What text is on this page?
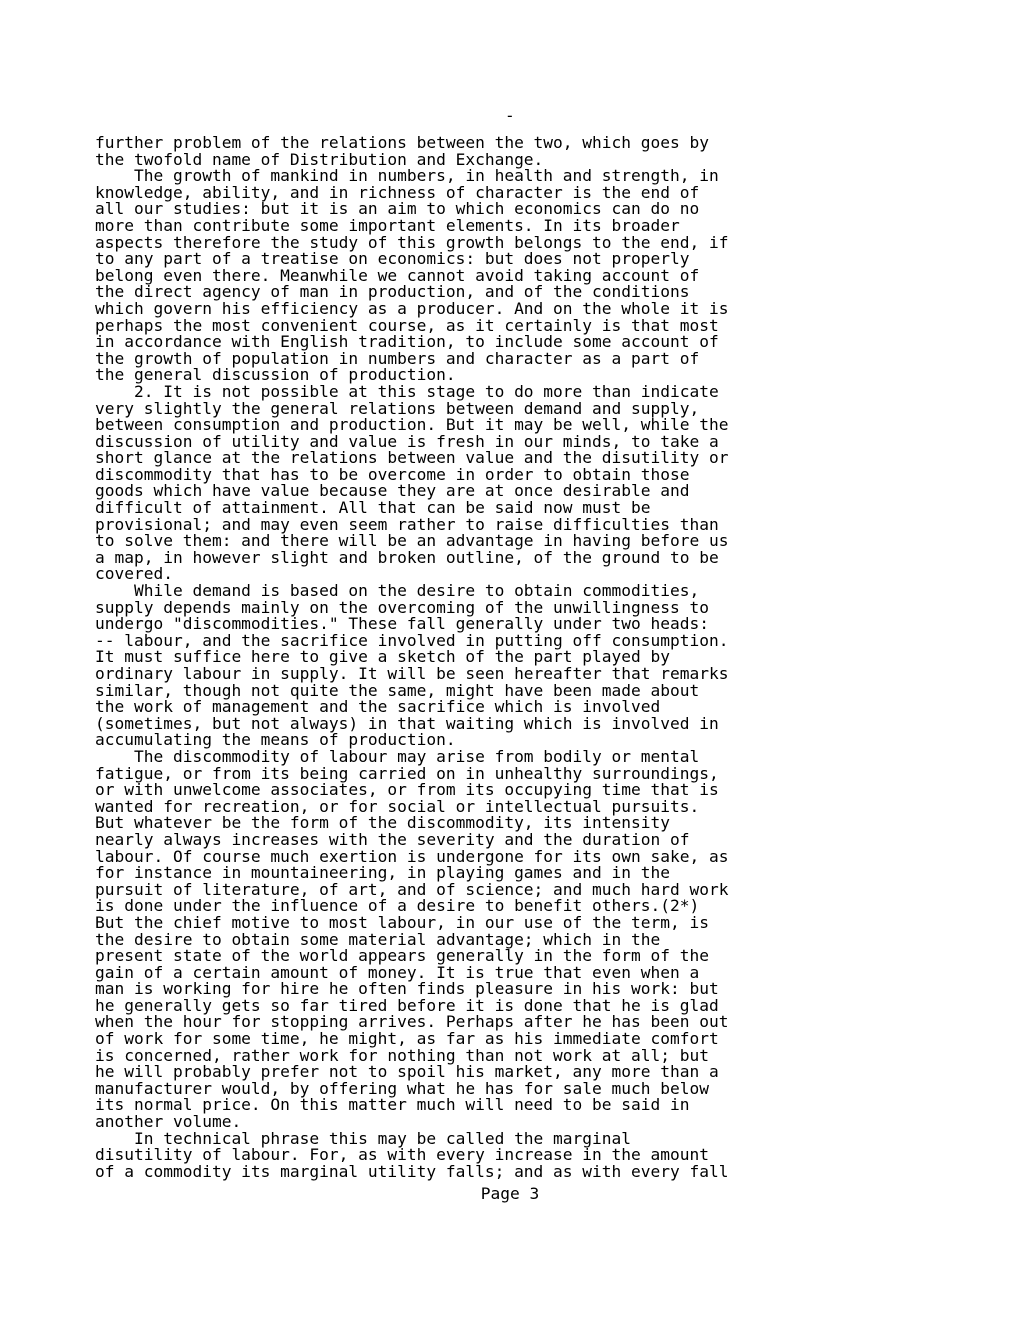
-
further problem of the relations between the two, which goes by
the twofold name of Distribution and Exchange.
The growth of mankind in numbers, in health and strength, in
knowledge, ability, and in richness of character is the end of
all our studies: but it is an aim to which economics can do no
more than contribute some important elements. In its broader
aspects therefore the study of this growth belongs to the end, if
to any part of a treatise on economics: but does not properly
belong even there. Meanwhile we cannot avoid taking account of
the direct agency of man in production, and of the conditions
which govern his efficiency as a producer. And on the whole it is
perhaps the most convenient course, as it certainly is that most
in accordance with English tradition, to include some account of
the growth of population in numbers and character as a part of
the general discussion of production.
2. It is not possible at this stage to do more than indicate
very slightly the general relations between demand and supply,
between consumption and production. But it may be well, while the
discussion of utility and value is fresh in our minds, to take a
short glance at the relations between value and the disutility or
discommodity that has to be overcome in order to obtain those
goods which have value because they are at once desirable and
difficult of attainment. All that can be said now must be
provisional; and may even seem rather to raise difficulties than
to solve them: and there will be an advantage in having before us
a map, in however slight and broken outline, of the ground to be
covered.
While demand is based on the desire to obtain commodities,
supply depends mainly on the overcoming of the unwillingness to
undergo "discommodities." These fall generally under two heads:
-- labour, and the sacrifice involved in putting off consumption.
It must suffice here to give a sketch of the part played by
ordinary labour in supply. It will be seen hereafter that remarks
similar, though not quite the same, might have been made about
the work of management and the sacrifice which is involved
(sometimes, but not always) in that waiting which is involved in
accumulating the means of production.
The discommodity of labour may arise from bodily or mental
fatigue, or from its being carried on in unhealthy surroundings,
or with unwelcome associates, or from its occupying time that is
wanted for recreation, or for social or intellectual pursuits.
But whatever be the form of the discommodity, its intensity
nearly always increases with the severity and the duration of
labour. Of course much exertion is undergone for its own sake, as
for instance in mountaineering, in playing games and in the
pursuit of literature, of art, and of science; and much hard work
is done under the influence of a desire to benefit others.(2*)
But the chief motive to most labour, in our use of the term, is
the desire to obtain some material advantage; which in the
present state of the world appears generally in the form of the
gain of a certain amount of money. It is true that even when a
man is working for hire he often finds pleasure in his work: but
he generally gets so far tired before it is done that he is glad
when the hour for stopping arrives. Perhaps after he has been out
of work for some time, he might, as far as his immediate comfort
is concerned, rather work for nothing than not work at all; but
he will probably prefer not to spoil his market, any more than a
manufacturer would, by offering what he has for sale much below
its normal price. On this matter much will need to be said in
another volume.
In technical phrase this may be called the marginal
disutility of labour. For, as with every increase in the amount
of a commodity its marginal utility falls; and as with every fall
Page 3
